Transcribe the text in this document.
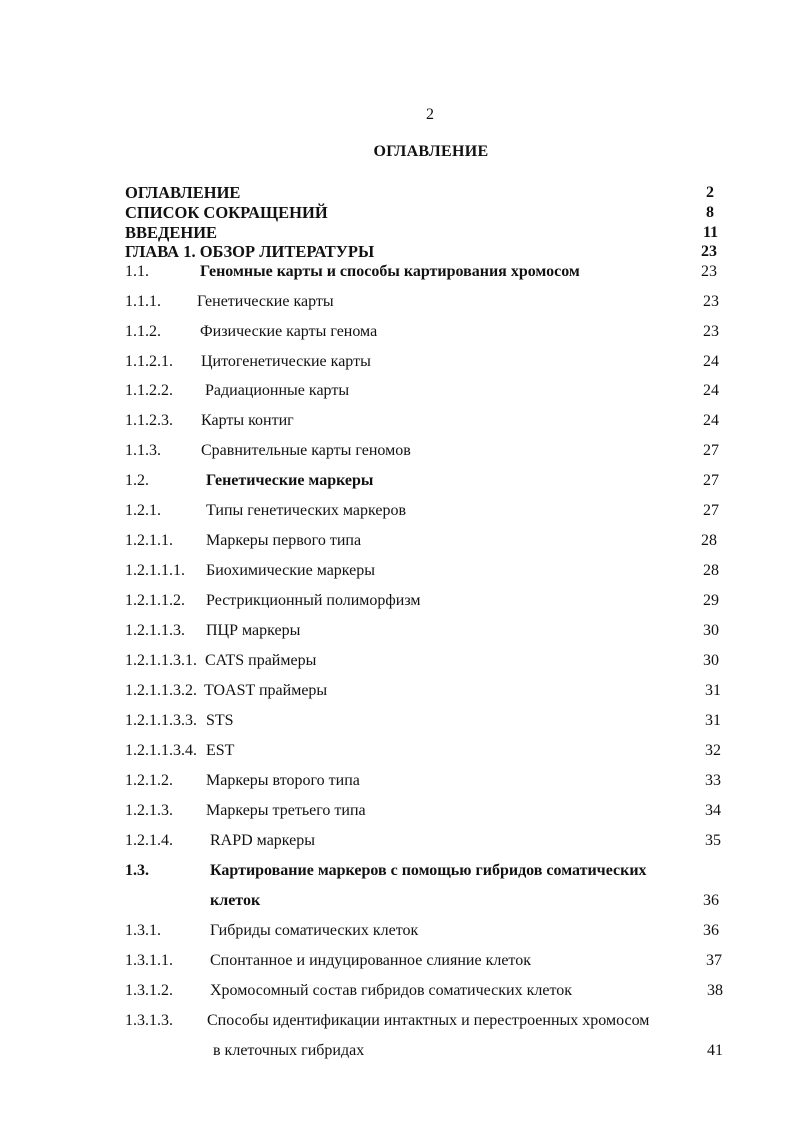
2
ОГЛАВЛЕНИЕ
ОГЛАВЛЕНИЕ	2
СПИСОК СОКРАЩЕНИЙ	8
ВВЕДЕНИЕ	11
ГЛАВА 1. ОБЗОР ЛИТЕРАТУРЫ	23
1.1.	Геномные карты и способы картирования хромосом	23
1.1.1. Генетические карты	23
1.1.2. Физические карты генома	23
1.1.2.1. Цитогенетические карты	24
1.1.2.2. Радиационные карты	24
1.1.2.3. Карты контиг	24
1.1.3.	Сравнительные карты геномов	27
1.2.	Генетические маркеры	27
1.2.1.	Типы генетических маркеров	27
1.2.1.1. Маркеры первого типа	28
1.2.1.1.1. Биохимические маркеры	28
1.2.1.1.2. Рестрикционный полиморфизм	29
1.2.1.1.3. ПЦР маркеры	30
1.2.1.1.3.1. CATS праймеры	30
1.2.1.1.3.2. TOAST праймеры	31
1.2.1.1.3.3. STS	31
1.2.1.1.3.4. EST	32
1.2.1.2. Маркеры второго типа	33
1.2.1.3. Маркеры третьего типа	34
1.2.1.4. RAPD маркеры	35
1.3.	Картирование маркеров с помощью гибридов соматических
клеток	36
1.3.1.	Гибриды соматических клеток	36
1.3.1.1. Спонтанное и индуцированное слияние клеток	37
1.3.1.2. Хромосомный состав гибридов соматических клеток	38
1.3.1.3. Способы идентификации интактных и перестроенных хромосом
в клеточных гибридах	41
